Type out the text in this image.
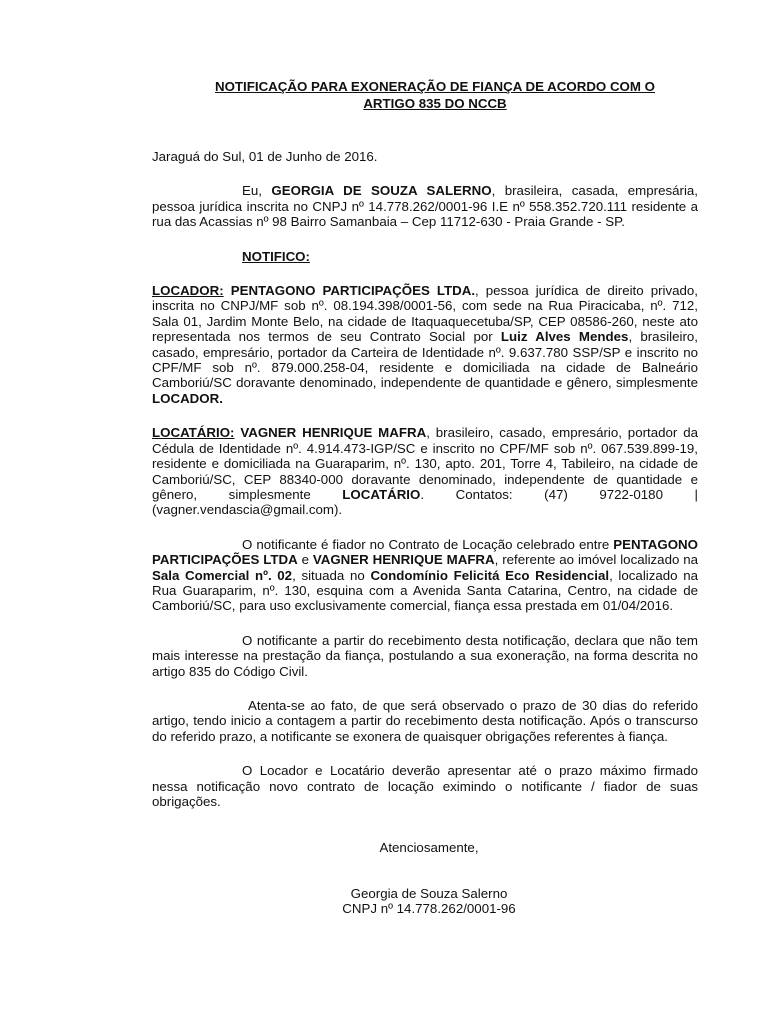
NOTIFICAÇÃO PARA EXONERAÇÃO DE FIANÇA DE ACORDO COM O
ARTIGO 835 DO NCCB

Jaraguá do Sul, 01 de Junho de 2016.

Eu, GEORGIA DE SOUZA SALERNO, brasileira, casada, empresária, pessoa jurídica inscrita no CNPJ nº 14.778.262/0001-96 I.E nº 558.352.720.111 residente a rua das Acassias nº 98 Bairro Samanbaia – Cep 11712-630 - Praia Grande - SP.

NOTIFICO:

LOCADOR: PENTAGONO PARTICIPAÇÕES LTDA., pessoa jurídica de direito privado, inscrita no CNPJ/MF sob nº. 08.194.398/0001-56, com sede na Rua Piracicaba, nº. 712, Sala 01, Jardim Monte Belo, na cidade de Itaquaquecetuba/SP, CEP 08586-260, neste ato representada nos termos de seu Contrato Social por Luiz Alves Mendes, brasileiro, casado, empresário, portador da Carteira de Identidade nº. 9.637.780 SSP/SP e inscrito no CPF/MF sob nº. 879.000.258-04, residente e domiciliada na cidade de Balneário Camboriú/SC doravante denominado, independente de quantidade e gênero, simplesmente LOCADOR.

LOCATÁRIO: VAGNER HENRIQUE MAFRA, brasileiro, casado, empresário, portador da Cédula de Identidade nº. 4.914.473-IGP/SC e inscrito no CPF/MF sob nº. 067.539.899-19, residente e domiciliada na Guaraparim, nº. 130, apto. 201, Torre 4, Tabileiro, na cidade de Camboriú/SC, CEP 88340-000 doravante denominado, independente de quantidade e gênero, simplesmente LOCATÁRIO. Contatos: (47) 9722-0180 | (vagner.vendascia@gmail.com).

O notificante é fiador no Contrato de Locação celebrado entre PENTAGONO PARTICIPAÇÕES LTDA e VAGNER HENRIQUE MAFRA, referente ao imóvel localizado na Sala Comercial nº. 02, situada no Condomínio Felicitá Eco Residencial, localizado na Rua Guaraparim, nº. 130, esquina com a Avenida Santa Catarina, Centro, na cidade de Camboriú/SC, para uso exclusivamente comercial, fiança essa prestada em 01/04/2016.

O notificante a partir do recebimento desta notificação, declara que não tem mais interesse na prestação da fiança, postulando a sua exoneração, na forma descrita no artigo 835 do Código Civil.

Atenta-se ao fato, de que será observado o prazo de 30 dias do referido artigo, tendo inicio a contagem a partir do recebimento desta notificação. Após o transcurso do referido prazo, a notificante se exonera de quaisquer obrigações referentes à fiança.

O Locador e Locatário deverão apresentar até o prazo máximo firmado nessa notificação novo contrato de locação eximindo o notificante / fiador de suas obrigações.

Atenciosamente,

Georgia de Souza Salerno
CNPJ nº 14.778.262/0001-96
